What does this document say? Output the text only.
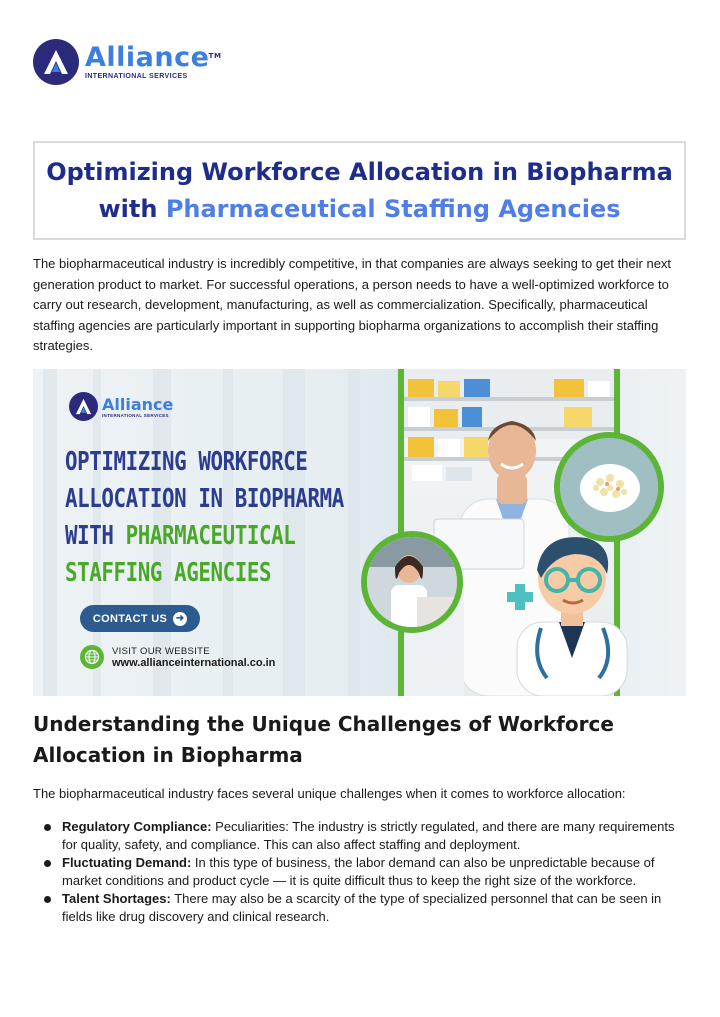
Alliance TM
INTERNATIONAL SERVICES
Optimizing Workforce Allocation in Biopharma
with Pharmaceutical Staffing Agencies

The biopharmaceutical industry is incredibly competitive, in that companies are always seeking to get their next generation product to market. For successful operations, a person needs to have a well-optimized workforce to carry out research, development, manufacturing, as well as commercialization. Specifically, pharmaceutical staffing agencies are particularly important in supporting biopharma organizations to accomplish their staffing strategies.

Alliance
INTERNATIONAL SERVICES
OPTIMIZING WORKFORCE
ALLOCATION IN BIOPHARMA
WITH PHARMACEUTICAL
STAFFING AGENCIES
CONTACT US ➜
VISIT OUR WEBSITE
www.allianceinternational.co.in
Understanding the Unique Challenges of Workforce Allocation in Biopharma

The biopharmaceutical industry faces several unique challenges when it comes to workforce allocation:

Regulatory Compliance: Peculiarities: The industry is strictly regulated, and there are many requirements for quality, safety, and compliance. This can also affect staffing and deployment.
Fluctuating Demand: In this type of business, the labor demand can also be unpredictable because of market conditions and product cycle — it is quite difficult thus to keep the right size of the workforce.
Talent Shortages: There may also be a scarcity of the type of specialized personnel that can be seen in fields like drug discovery and clinical research.
